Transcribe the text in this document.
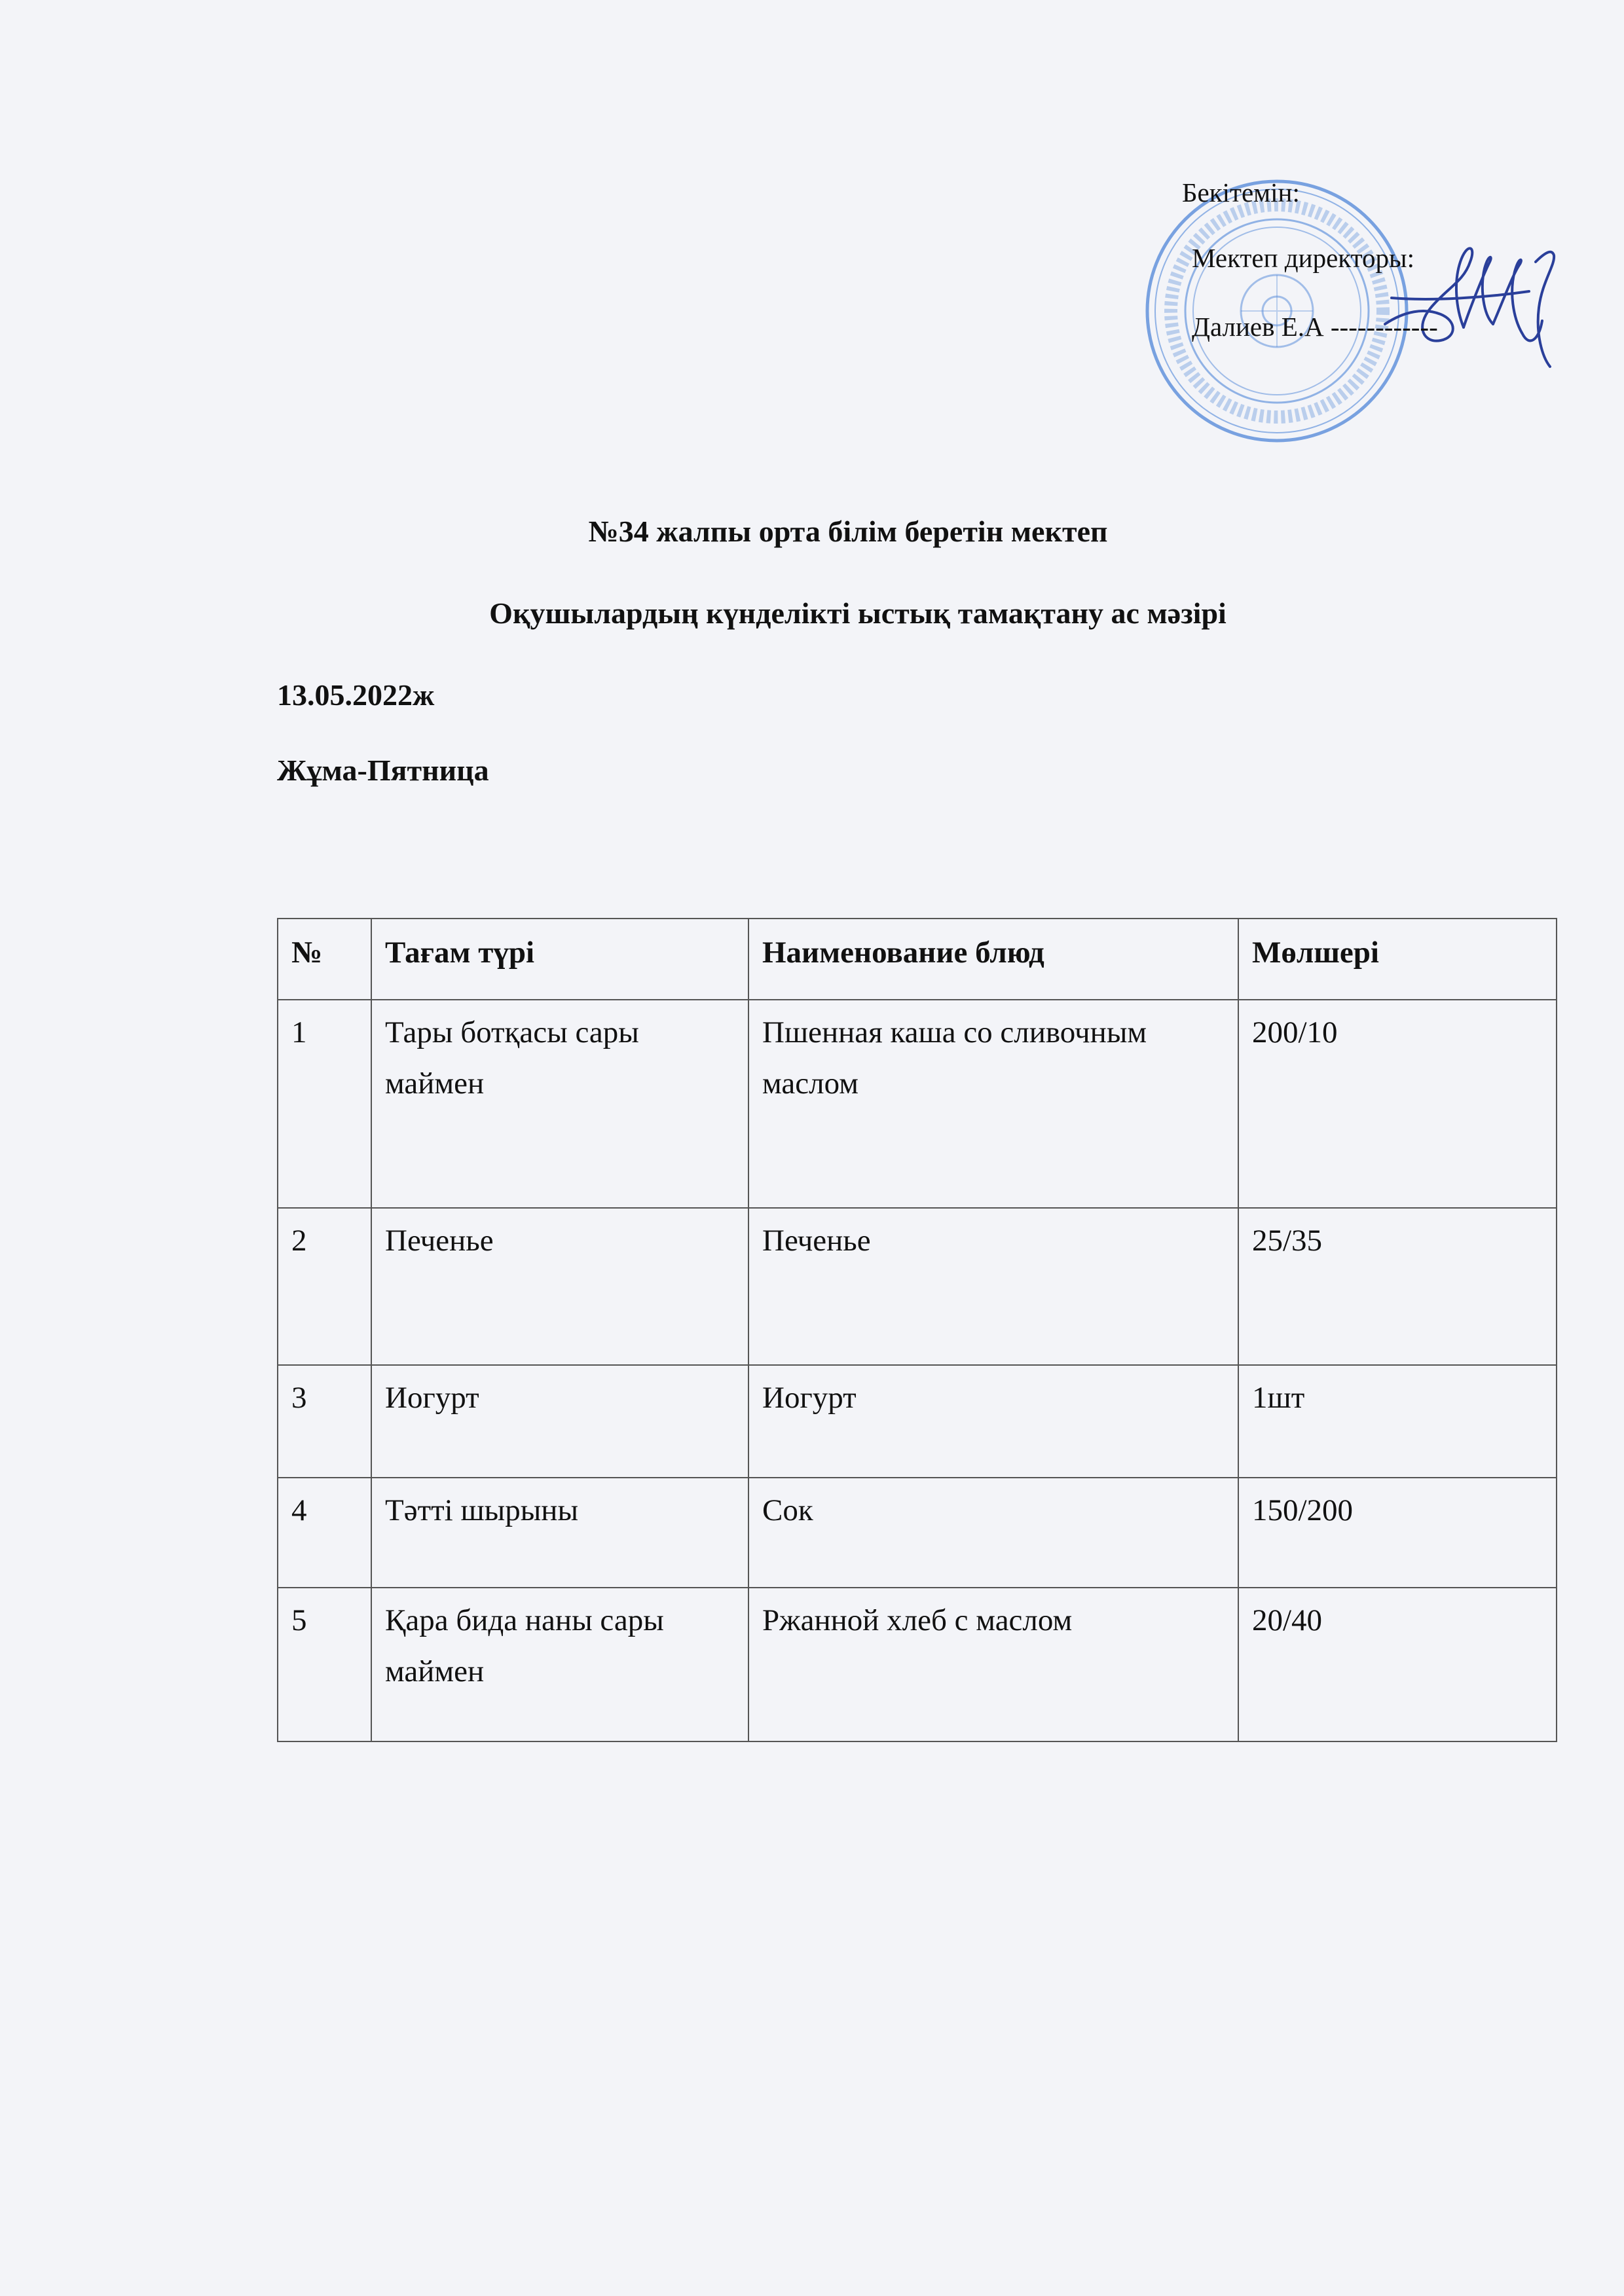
Бекітемін:
Мектеп директоры:
Далиев Е.А ------------
№34 жалпы орта білім беретін мектеп
Оқушылардың күнделікті ыстық тамақтану ас мәзірі
13.05.2022ж
Жұма-Пятница
№	Тағам түрі	Наименование блюд	Мөлшері
1	Тары ботқасы сары маймен	Пшенная каша со сливочным маслом	200/10
2	Печенье	Печенье	25/35
3	Иогурт	Иогурт	1шт
4	Тәтті шырыны	Сок	150/200
5	Қара бида наны сары маймен	Ржанной хлеб с маслом	20/40
